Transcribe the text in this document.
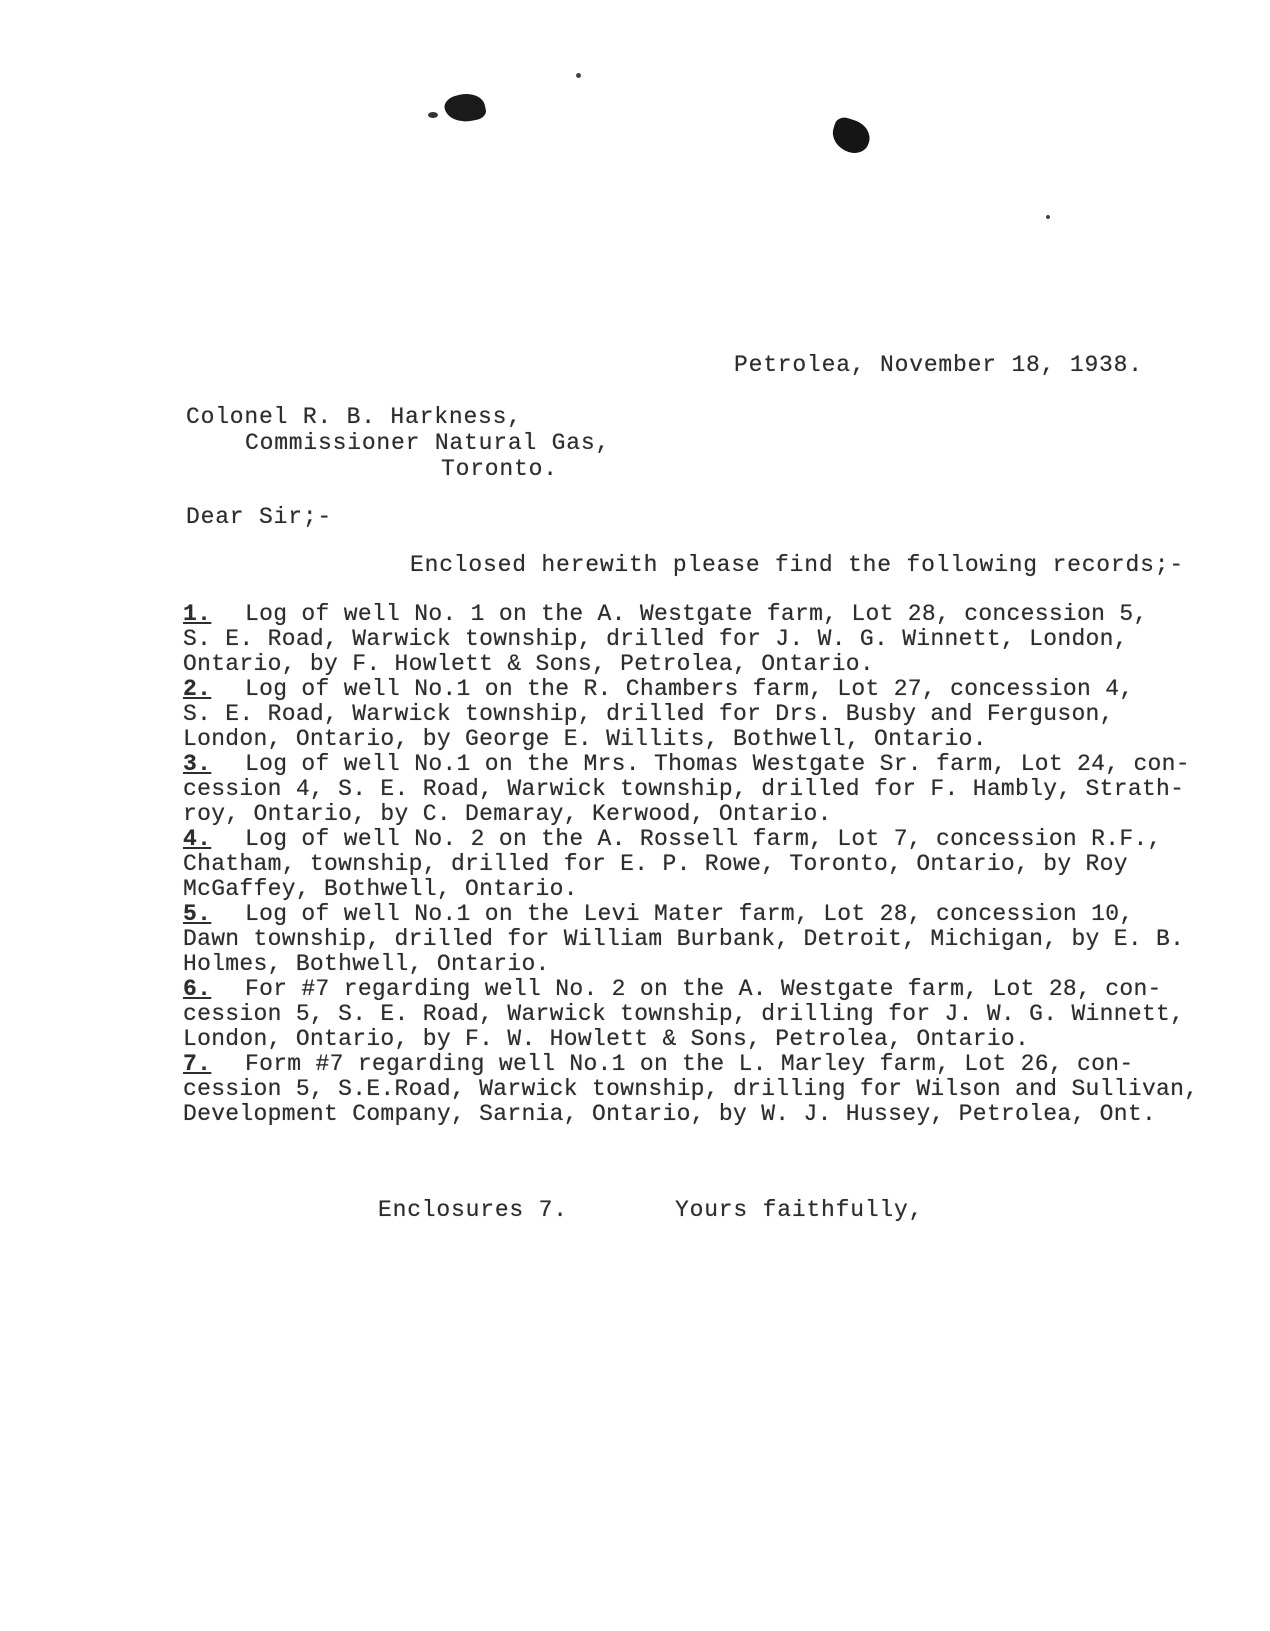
Petrolea, November 18, 1938.
Colonel R. B. Harkness,
Commissioner Natural Gas,
Toronto.
Dear Sir;-
Enclosed herewith please find the following records;-
1. Log of well No. 1 on the A. Westgate farm, Lot 28, concession 5,
S. E. Road, Warwick township, drilled for J. W. G. Winnett, London,
Ontario, by F. Howlett & Sons, Petrolea, Ontario.
2. Log of well No.1 on the R. Chambers farm, Lot 27, concession 4,
S. E. Road, Warwick township, drilled for Drs. Busby and Ferguson,
London, Ontario, by George E. Willits, Bothwell, Ontario.
3. Log of well No.1 on the Mrs. Thomas Westgate Sr. farm, Lot 24, con-
cession 4, S. E. Road, Warwick township, drilled for F. Hambly, Strath-
roy, Ontario, by C. Demaray, Kerwood, Ontario.
4. Log of well No. 2 on the A. Rossell farm, Lot 7, concession R.F.,
Chatham, township, drilled for E. P. Rowe, Toronto, Ontario, by Roy
McGaffey, Bothwell, Ontario.
5. Log of well No.1 on the Levi Mater farm, Lot 28, concession 10,
Dawn township, drilled for William Burbank, Detroit, Michigan, by E. B.
Holmes, Bothwell, Ontario.
6. For #7 regarding well No. 2 on the A. Westgate farm, Lot 28, con-
cession 5, S. E. Road, Warwick township, drilling for J. W. G. Winnett,
London, Ontario, by F. W. Howlett & Sons, Petrolea, Ontario.
7. Form #7 regarding well No.1 on the L. Marley farm, Lot 26, con-
cession 5, S.E.Road, Warwick township, drilling for Wilson and Sullivan,
Development Company, Sarnia, Ontario, by W. J. Hussey, Petrolea, Ont.
Enclosures 7.	Yours faithfully,
